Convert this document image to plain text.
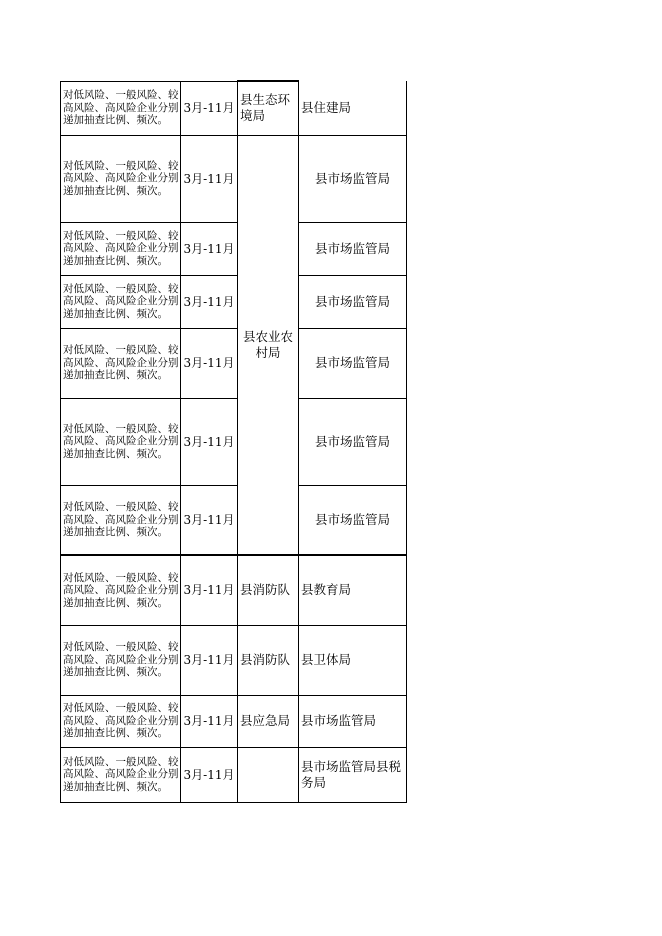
对低风险、一般风险、较高风险、高风险企业分别递加抽查比例、频次。	3月-11月	县生态环境局	县住建局
对低风险、一般风险、较高风险、高风险企业分别递加抽查比例、频次。	3月-11月	县农业农村局	县市场监管局
对低风险、一般风险、较高风险、高风险企业分别递加抽查比例、频次。	3月-11月		县市场监管局
对低风险、一般风险、较高风险、高风险企业分别递加抽查比例、频次。	3月-11月		县市场监管局
对低风险、一般风险、较高风险、高风险企业分别递加抽查比例、频次。	3月-11月		县市场监管局
对低风险、一般风险、较高风险、高风险企业分别递加抽查比例、频次。	3月-11月		县市场监管局
对低风险、一般风险、较高风险、高风险企业分别递加抽查比例、频次。	3月-11月		县市场监管局
对低风险、一般风险、较高风险、高风险企业分别递加抽查比例、频次。	3月-11月	县消防队	县教育局
对低风险、一般风险、较高风险、高风险企业分别递加抽查比例、频次。	3月-11月	县消防队	县卫体局
对低风险、一般风险、较高风险、高风险企业分别递加抽查比例、频次。	3月-11月	县应急局	县市场监管局
对低风险、一般风险、较高风险、高风险企业分别递加抽查比例、频次。	3月-11月		县市场监管局县税务局
